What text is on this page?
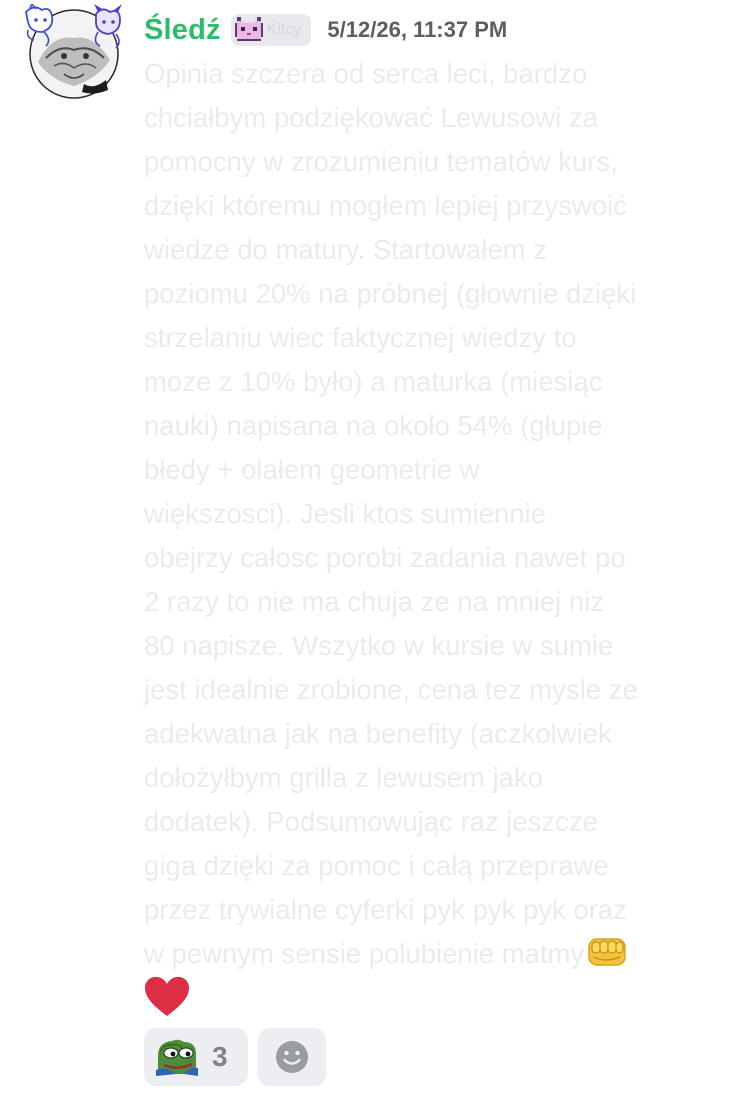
Śledź	Kitcy 5/12/26, 11:37 PM
Opinia szczera od serca leci, bardzo
chciałbym podziękować Lewusowi za
pomocny w zrozumieniu tematów kurs,
dzięki któremu mogłem lepiej przyswoić
wiedze do matury. Startowałem z
poziomu 20% na próbnej (głownie dzięki
strzelaniu wiec faktycznej wiedzy to
moze z 10% było) a maturka (miesiąc
nauki) napisana na około 54% (głupie
błedy + olałem geometrie w
większosci). Jesli ktos sumiennie
obejrzy całosc porobi zadania nawet po
2 razy to nie ma chuja ze na mniej niz
80 napisze. Wszytko w kursie w sumie
jest idealnie zrobione, cena tez mysle ze
adekwatna jak na benefity (aczkolwiek
dołożyłbym grilla z lewusem jako
dodatek). Podsumowując raz jeszcze
giga dzięki za pomoc i całą przeprawe
przez trywialne cyferki pyk pyk pyk oraz
w pewnym sensie polubienie matmy
3
